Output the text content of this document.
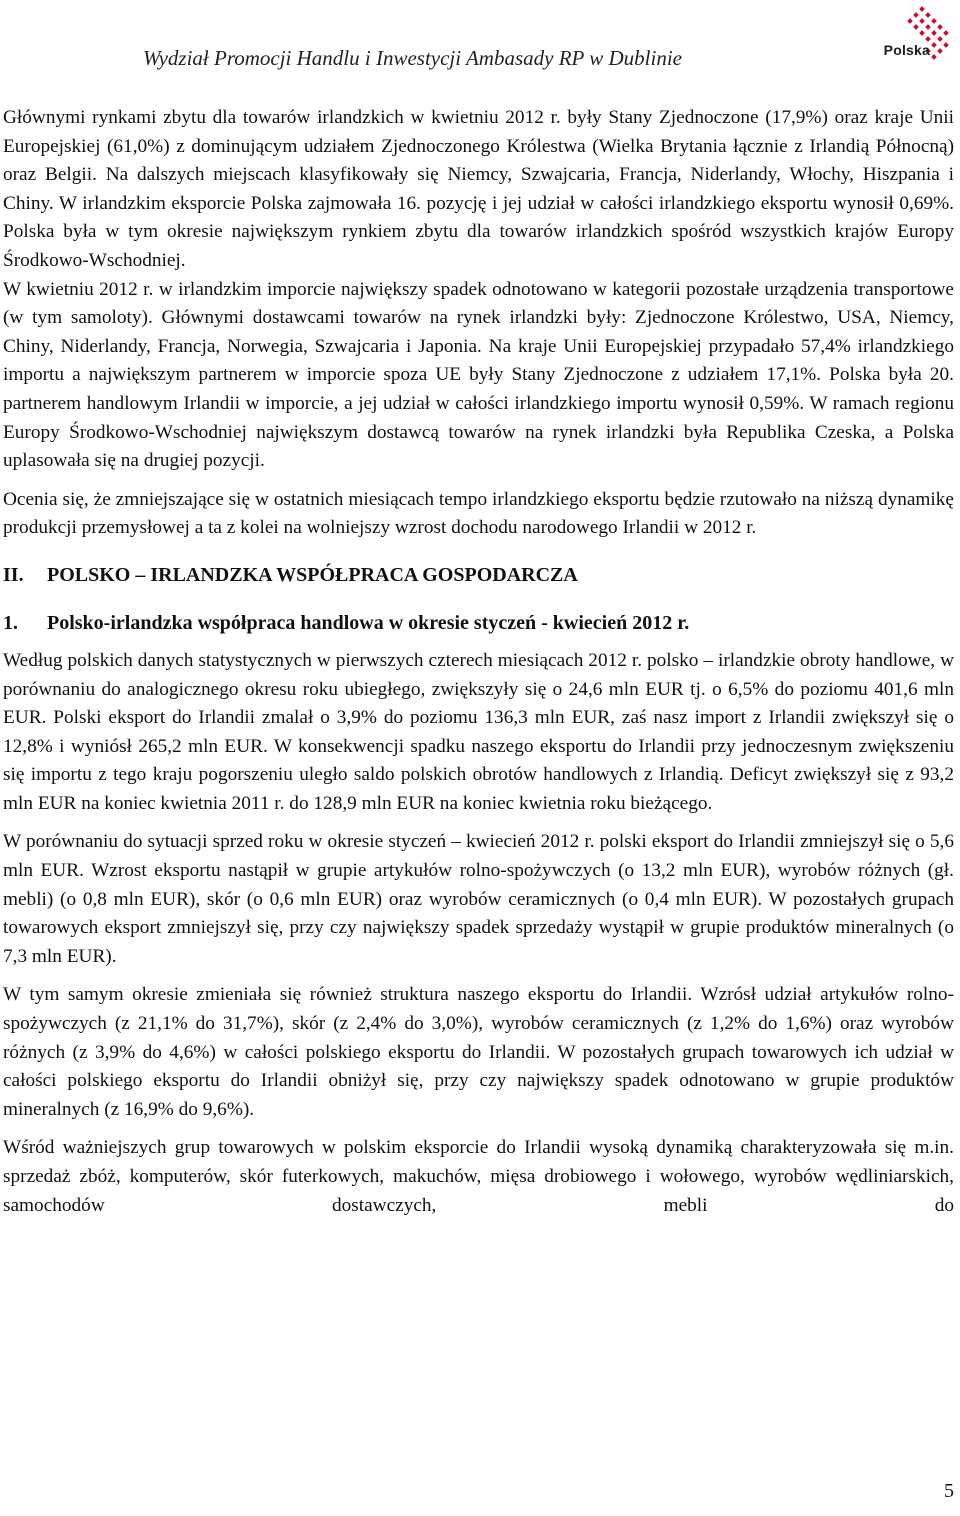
Wydział Promocji Handlu i Inwestycji Ambasady RP w Dublinie	Polska

Głównymi rynkami zbytu dla towarów irlandzkich w kwietniu 2012 r. były Stany Zjednoczone (17,9%) oraz kraje Unii Europejskiej (61,0%) z dominującym udziałem Zjednoczonego Królestwa (Wielka Brytania łącznie z Irlandią Północną) oraz Belgii. Na dalszych miejscach klasyfikowały się Niemcy, Szwajcaria, Francja, Niderlandy, Włochy, Hiszpania i Chiny. W irlandzkim eksporcie Polska zajmowała 16. pozycję i jej udział w całości irlandzkiego eksportu wynosił 0,69%. Polska była w tym okresie największym rynkiem zbytu dla towarów irlandzkich spośród wszystkich krajów Europy Środkowo-Wschodniej.

W kwietniu 2012 r. w irlandzkim imporcie największy spadek odnotowano w kategorii pozostałe urządzenia transportowe (w tym samoloty). Głównymi dostawcami towarów na rynek irlandzki były: Zjednoczone Królestwo, USA, Niemcy, Chiny, Niderlandy, Francja, Norwegia, Szwajcaria i Japonia. Na kraje Unii Europejskiej przypadało 57,4% irlandzkiego importu a największym partnerem w imporcie spoza UE były Stany Zjednoczone z udziałem 17,1%. Polska była 20. partnerem handlowym Irlandii w imporcie, a jej udział w całości irlandzkiego importu wynosił 0,59%. W ramach regionu Europy Środkowo-Wschodniej największym dostawcą towarów na rynek irlandzki była Republika Czeska, a Polska uplasowała się na drugiej pozycji.

Ocenia się, że zmniejszające się w ostatnich miesiącach tempo irlandzkiego eksportu będzie rzutowało na niższą dynamikę produkcji przemysłowej a ta z kolei na wolniejszy wzrost dochodu narodowego Irlandii w 2012 r.

II. POLSKO – IRLANDZKA WSPÓŁPRACA GOSPODARCZA
1. Polsko-irlandzka współpraca handlowa w okresie styczeń - kwiecień 2012 r.

Według polskich danych statystycznych w pierwszych czterech miesiącach 2012 r. polsko – irlandzkie obroty handlowe, w porównaniu do analogicznego okresu roku ubiegłego, zwiększyły się o 24,6 mln EUR tj. o 6,5% do poziomu 401,6 mln EUR. Polski eksport do Irlandii zmalał o 3,9% do poziomu 136,3 mln EUR, zaś nasz import z Irlandii zwiększył się o 12,8% i wyniósł 265,2 mln EUR. W konsekwencji spadku naszego eksportu do Irlandii przy jednoczesnym zwiększeniu się importu z tego kraju pogorszeniu uległo saldo polskich obrotów handlowych z Irlandią. Deficyt zwiększył się z 93,2 mln EUR na koniec kwietnia 2011 r. do 128,9 mln EUR na koniec kwietnia roku bieżącego.

W porównaniu do sytuacji sprzed roku w okresie styczeń – kwiecień 2012 r. polski eksport do Irlandii zmniejszył się o 5,6 mln EUR. Wzrost eksportu nastąpił w grupie artykułów rolno-spożywczych (o 13,2 mln EUR), wyrobów różnych (gł. mebli) (o 0,8 mln EUR), skór (o 0,6 mln EUR) oraz wyrobów ceramicznych (o 0,4 mln EUR). W pozostałych grupach towarowych eksport zmniejszył się, przy czy największy spadek sprzedaży wystąpił w grupie produktów mineralnych (o 7,3 mln EUR).

W tym samym okresie zmieniała się również struktura naszego eksportu do Irlandii. Wzrósł udział artykułów rolno-spożywczych (z 21,1% do 31,7%), skór (z 2,4% do 3,0%), wyrobów ceramicznych (z 1,2% do 1,6%) oraz wyrobów różnych (z 3,9% do 4,6%) w całości polskiego eksportu do Irlandii. W pozostałych grupach towarowych ich udział w całości polskiego eksportu do Irlandii obniżył się, przy czy największy spadek odnotowano w grupie produktów mineralnych (z 16,9% do 9,6%).

Wśród ważniejszych grup towarowych w polskim eksporcie do Irlandii wysoką dynamiką charakteryzowała się m.in. sprzedaż zbóż, komputerów, skór futerkowych, makuchów, mięsa drobiowego i wołowego, wyrobów wędliniarskich, samochodów dostawczych, mebli do

5
